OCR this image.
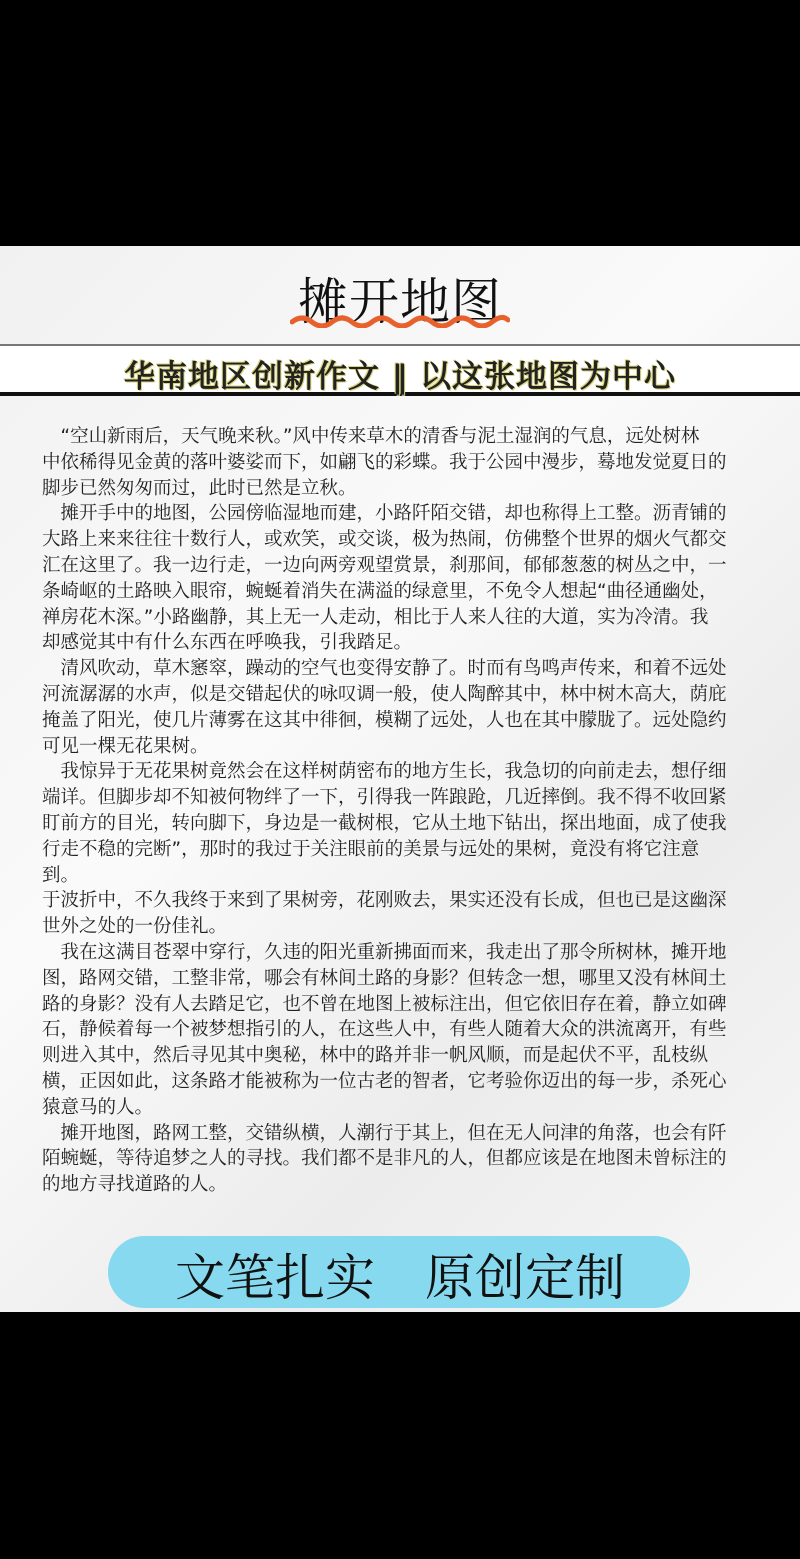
摊开地图
华南地区创新作文 ‖ 以这张地图为中心
　“空山新雨后，天气晚来秋。”风中传来草木的清香与泥土湿润的气息，远处树林
中依稀得见金黄的落叶婆娑而下，如翩飞的彩蝶。我于公园中漫步，蓦地发觉夏日的
脚步已然匆匆而过，此时已然是立秋。
　摊开手中的地图，公园傍临湿地而建，小路阡陌交错，却也称得上工整。沥青铺的
大路上来来往往十数行人，或欢笑，或交谈，极为热闹，仿佛整个世界的烟火气都交
汇在这里了。我一边行走，一边向两旁观望赏景，刹那间，郁郁葱葱的树丛之中，一
条崎岖的土路映入眼帘，蜿蜒着消失在满溢的绿意里，不免令人想起“曲径通幽处，
禅房花木深。”小路幽静，其上无一人走动，相比于人来人往的大道，实为冷清。我
却感觉其中有什么东西在呼唤我，引我踏足。
　清风吹动，草木窸窣，躁动的空气也变得安静了。时而有鸟鸣声传来，和着不远处
河流潺潺的水声，似是交错起伏的咏叹调一般，使人陶醉其中，林中树木高大，荫庇
掩盖了阳光，使几片薄雾在这其中徘徊，模糊了远处，人也在其中朦胧了。远处隐约
可见一棵无花果树。
　我惊异于无花果树竟然会在这样树荫密布的地方生长，我急切的向前走去，想仔细
端详。但脚步却不知被何物绊了一下，引得我一阵踉跄，几近摔倒。我不得不收回紧
盯前方的目光，转向脚下，身边是一截树根，它从土地下钻出，探出地面，成了使我
行走不稳的完断”，那时的我过于关注眼前的美景与远处的果树，竟没有将它注意
到。
于波折中，不久我终于来到了果树旁，花刚败去，果实还没有长成，但也已是这幽深
世外之处的一份佳礼。
　我在这满目苍翠中穿行，久违的阳光重新拂面而来，我走出了那令所树林，摊开地
图，路网交错，工整非常，哪会有林间土路的身影？但转念一想，哪里又没有林间土
路的身影？没有人去踏足它，也不曾在地图上被标注出，但它依旧存在着，静立如碑
石，静候着每一个被梦想指引的人，在这些人中，有些人随着大众的洪流离开，有些
则进入其中，然后寻见其中奥秘，林中的路并非一帆风顺，而是起伏不平，乱枝纵
横，正因如此，这条路才能被称为一位古老的智者，它考验你迈出的每一步，杀死心
猿意马的人。
　摊开地图，路网工整，交错纵横，人潮行于其上，但在无人问津的角落，也会有阡
陌蜿蜒，等待追梦之人的寻找。我们都不是非凡的人，但都应该是在地图未曾标注的
的地方寻找道路的人。
文笔扎实　原创定制
